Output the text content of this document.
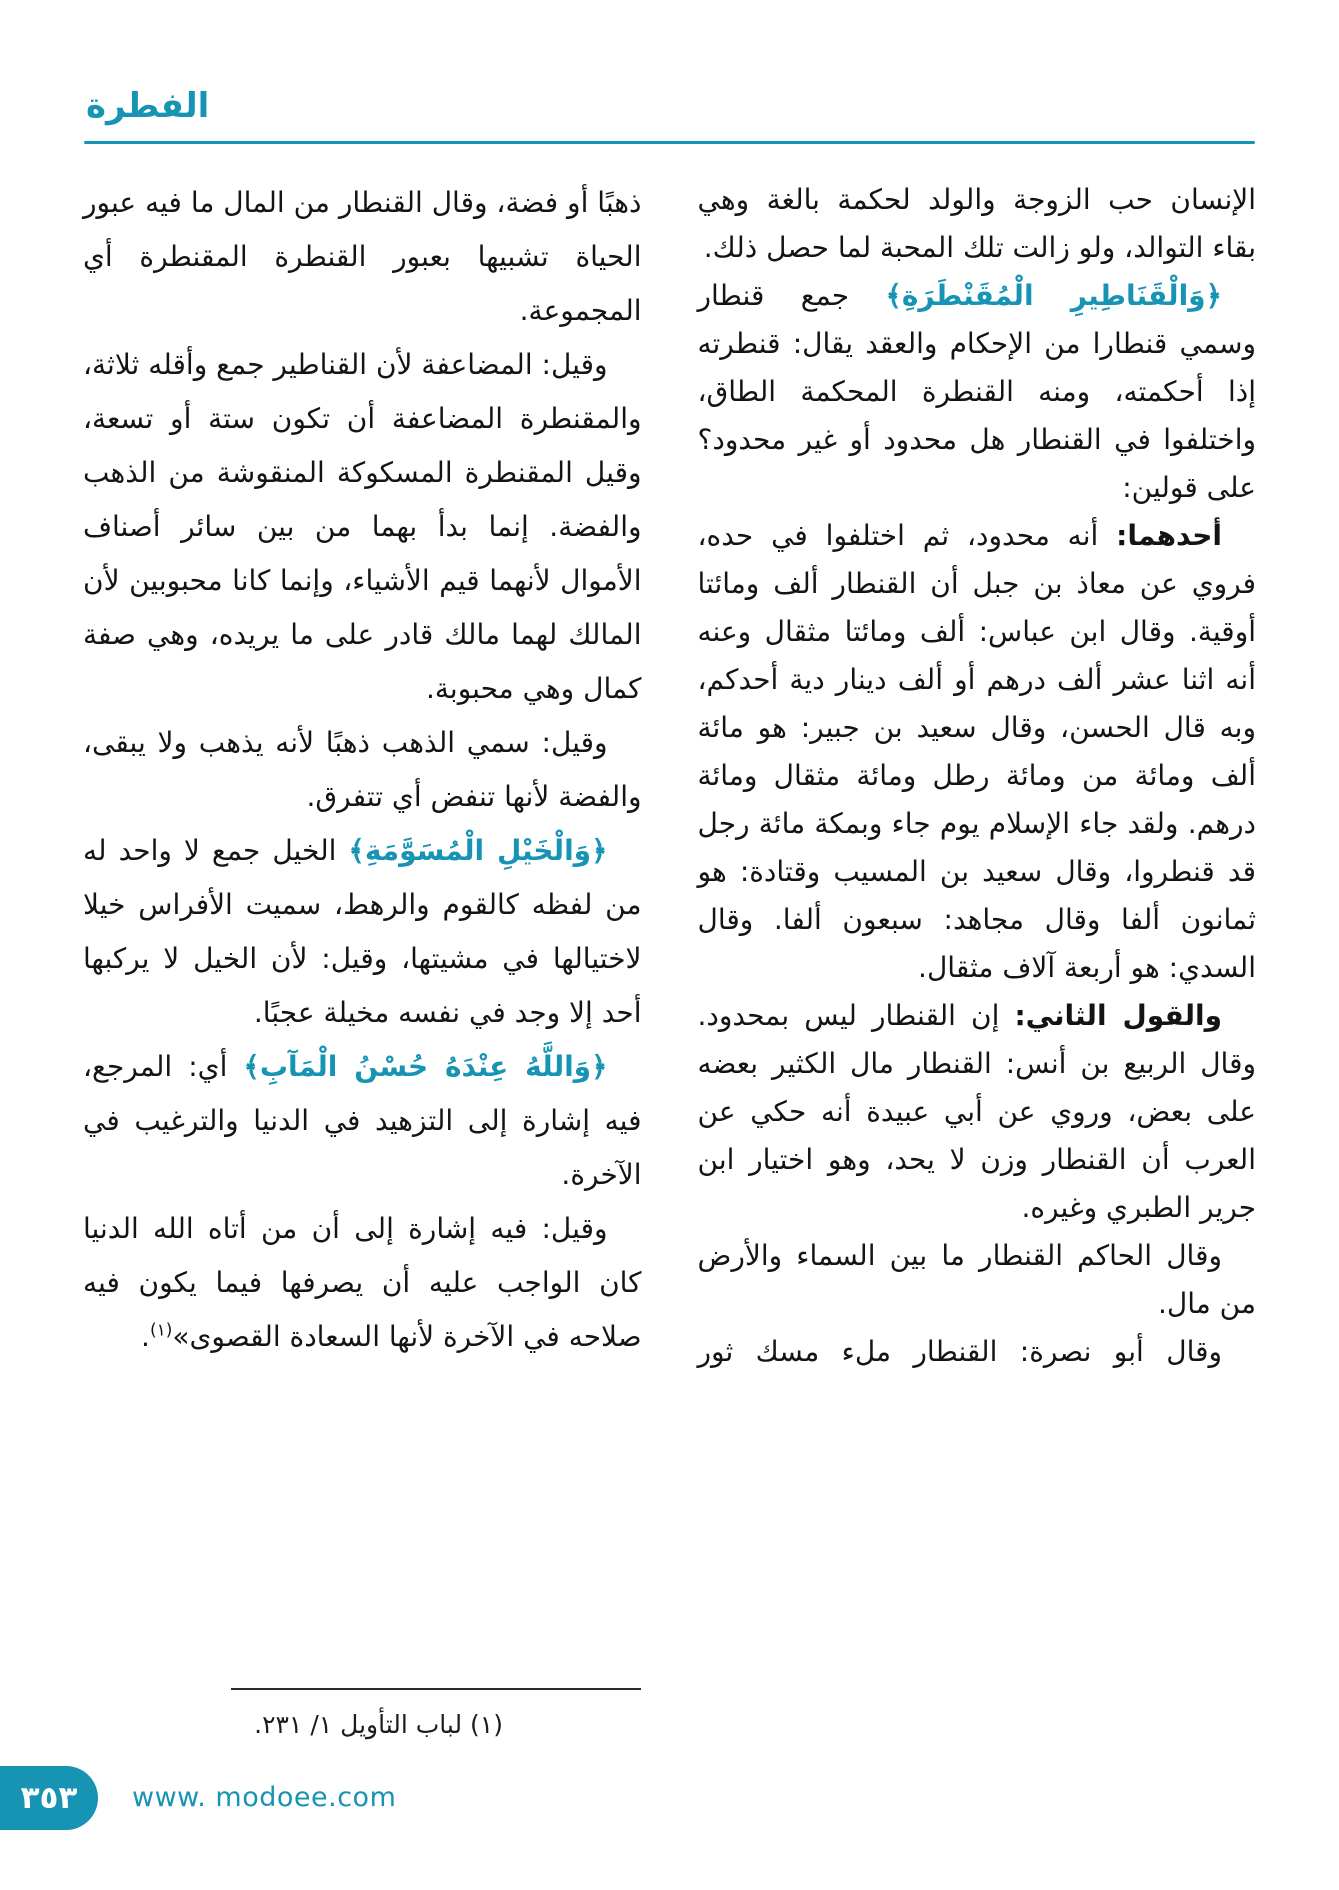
الفطرة

الإنسان حب الزوجة والولد لحكمة بالغة وهي بقاء التوالد، ولو زالت تلك المحبة لما حصل ذلك.

﴿وَالْقَنَاطِيرِ الْمُقَنْطَرَةِ﴾ جمع قنطار وسمي قنطارا من الإحكام والعقد يقال: قنطرته إذا أحكمته، ومنه القنطرة المحكمة الطاق، واختلفوا في القنطار هل محدود أو غير محدود؟ على قولين:

أحدهما: أنه محدود، ثم اختلفوا في حده، فروي عن معاذ بن جبل أن القنطار ألف ومائتا أوقية. وقال ابن عباس: ألف ومائتا مثقال وعنه أنه اثنا عشر ألف درهم أو ألف دينار دية أحدكم، وبه قال الحسن، وقال سعيد بن جبير: هو مائة ألف ومائة من ومائة رطل ومائة مثقال ومائة درهم. ولقد جاء الإسلام يوم جاء وبمكة مائة رجل قد قنطروا، وقال سعيد بن المسيب وقتادة: هو ثمانون ألفا وقال مجاهد: سبعون ألفا. وقال السدي: هو أربعة آلاف مثقال.

والقول الثاني: إن القنطار ليس بمحدود. وقال الربيع بن أنس: القنطار مال الكثير بعضه على بعض، وروي عن أبي عبيدة أنه حكي عن العرب أن القنطار وزن لا يحد، وهو اختيار ابن جرير الطبري وغيره.

وقال الحاكم القنطار ما بين السماء والأرض من مال.

وقال أبو نصرة: القنطار ملء مسك ثور

ذهبًا أو فضة، وقال القنطار من المال ما فيه عبور الحياة تشبيها بعبور القنطرة المقنطرة أي المجموعة.

وقيل: المضاعفة لأن القناطير جمع وأقله ثلاثة، والمقنطرة المضاعفة أن تكون ستة أو تسعة، وقيل المقنطرة المسكوكة المنقوشة من الذهب والفضة. إنما بدأ بهما من بين سائر أصناف الأموال لأنهما قيم الأشياء، وإنما كانا محبوبين لأن المالك لهما مالك قادر على ما يريده، وهي صفة كمال وهي محبوبة.

وقيل: سمي الذهب ذهبًا لأنه يذهب ولا يبقى، والفضة لأنها تنفض أي تتفرق.

﴿وَالْخَيْلِ الْمُسَوَّمَةِ﴾ الخيل جمع لا واحد له من لفظه كالقوم والرهط، سميت الأفراس خيلا لاختيالها في مشيتها، وقيل: لأن الخيل لا يركبها أحد إلا وجد في نفسه مخيلة عجبًا.

﴿وَاللَّهُ عِنْدَهُ حُسْنُ الْمَآبِ﴾ أي: المرجع، فيه إشارة إلى التزهيد في الدنيا والترغيب في الآخرة.

وقيل: فيه إشارة إلى أن من أتاه الله الدنيا كان الواجب عليه أن يصرفها فيما يكون فيه صلاحه في الآخرة لأنها السعادة القصوى»$^{(١)}$.

(١) لباب التأويل ١/ ٢٣١.

٣٥٣ www. modoee.com
